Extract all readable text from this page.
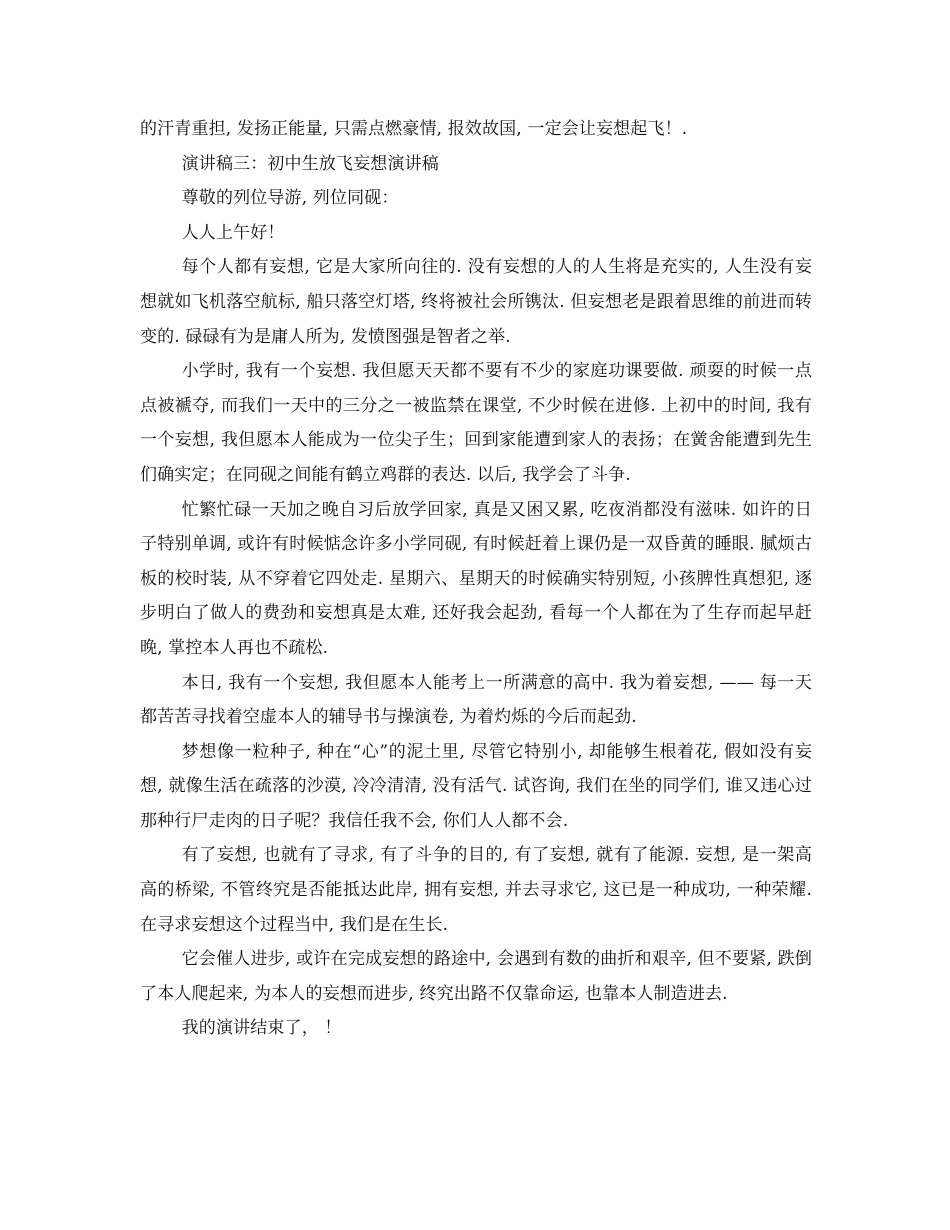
的汗青重担, 发扬正能量, 只需点燃豪情, 报效故国, 一定会让妄想起飞！.

演讲稿三：初中生放飞妄想演讲稿

尊敬的列位导游, 列位同砚：

人人上午好！

每个人都有妄想, 它是大家所向往的. 没有妄想的人的人生将是充实的, 人生没有妄想就如飞机落空航标, 船只落空灯塔, 终将被社会所镌汰. 但妄想老是跟着思维的前进而转变的. 碌碌有为是庸人所为, 发愤图强是智者之举.

小学时, 我有一个妄想. 我但愿天天都不要有不少的家庭功课要做. 顽耍的时候一点点被褫夺, 而我们一天中的三分之一被监禁在课堂, 不少时候在进修. 上初中的时间, 我有一个妄想, 我但愿本人能成为一位尖子生；回到家能遭到家人的表扬；在黉舍能遭到先生们确实定；在同砚之间能有鹤立鸡群的表达. 以后, 我学会了斗争.

忙繁忙碌一天加之晚自习后放学回家, 真是又困又累, 吃夜消都没有滋味. 如许的日子特别单调, 或许有时候惦念许多小学同砚, 有时候赶着上课仍是一双昏黄的睡眼. 腻烦古板的校时装, 从不穿着它四处走. 星期六、星期天的时候确实特别短, 小孩脾性真想犯, 逐步明白了做人的费劲和妄想真是太难, 还好我会起劲, 看每一个人都在为了生存而起早赶晚, 掌控本人再也不疏松.

本日, 我有一个妄想, 我但愿本人能考上一所满意的高中. 我为着妄想, —— 每一天都苦苦寻找着空虚本人的辅导书与操演卷, 为着灼烁的今后而起劲.

梦想像一粒种子, 种在“心”的泥土里, 尽管它特别小, 却能够生根着花, 假如没有妄想, 就像生活在疏落的沙漠, 冷冷清清, 没有活气. 试咨询, 我们在坐的同学们, 谁又违心过那种行尸走肉的日子呢？我信任我不会, 你们人人都不会.

有了妄想, 也就有了寻求, 有了斗争的目的, 有了妄想, 就有了能源. 妄想, 是一架高高的桥梁, 不管终究是否能抵达此岸, 拥有妄想, 并去寻求它, 这已是一种成功, 一种荣耀. 在寻求妄想这个过程当中, 我们是在生长.

它会催人进步, 或许在完成妄想的路途中, 会遇到有数的曲折和艰辛, 但不要紧, 跌倒了本人爬起来, 为本人的妄想而进步, 终究出路不仅靠命运, 也靠本人制造进去.

我的演讲结束了， ！
